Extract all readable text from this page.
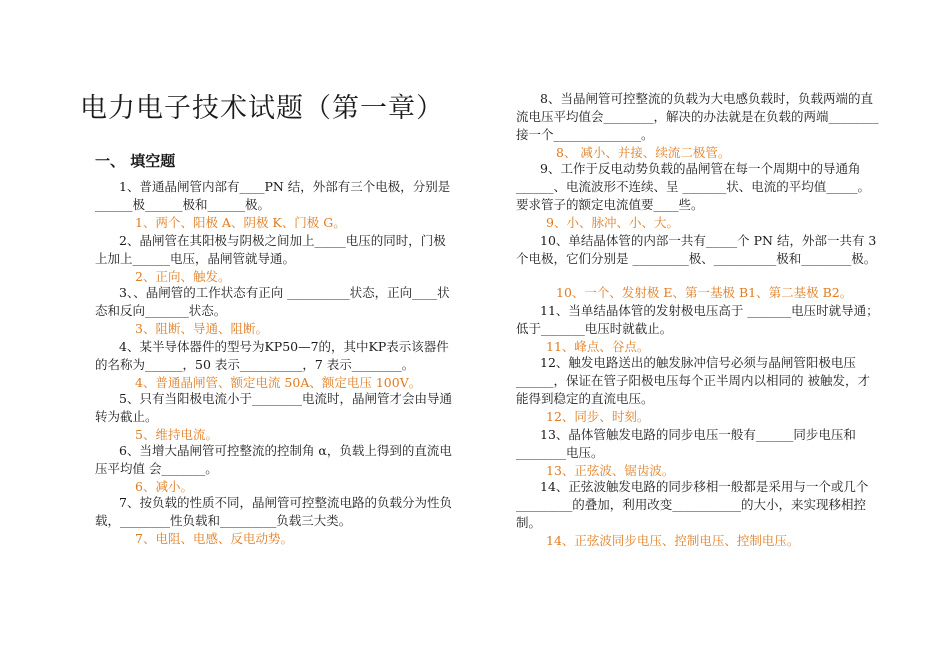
电力电子技术试题（第一章）
一、 填空题
1、普通晶闸管内部有____PN 结，外部有三个电极，分别是______极______极和______极。
1、两个、阳极 A、阴极 K、门极 G。
2、晶闸管在其阳极与阴极之间加上_____电压的同时，门极上加上______电压，晶闸管就导通。
2、正向、触发。
3、、晶闸管的工作状态有正向 __________状态，正向____状态和反向_______状态。
3、阻断、导通、阻断。
4、某半导体器件的型号为KP50—7的，其中KP表示该器件的名称为______，50 表示__________，7 表示________。
4、普通晶闸管、额定电流 50A、额定电压 100V。
5、只有当阳极电流小于________电流时，晶闸管才会由导通转为截止。
5、维持电流。
6、当增大晶闸管可控整流的控制角 α，负载上得到的直流电压平均值 会_______。
6、减小。
7、按负载的性质不同，晶闸管可控整流电路的负载分为性负载，________性负载和_________负载三大类。
7、电阻、电感、反电动势。
8、当晶闸管可控整流的负载为大电感负载时，负载两端的直流电压平均值会________，解决的办法就是在负载的两端________接一个______________。
8、 减小、并接、续流二极管。
9、工作于反电动势负载的晶闸管在每一个周期中的导通角______、电流波形不连续、呈 _______状、电流的平均值_____。要求管子的额定电流值要____些。
9、小、脉冲、小、大。
10、单结晶体管的内部一共有_____个 PN 结，外部一共有 3 个电极，它们分别是 _________极、__________极和________极。
10、一个、发射极 E、第一基极 B1、第二基极 B2。
11、当单结晶体管的发射极电压高于 _______电压时就导通；低于_______电压时就截止。
11、峰点、谷点。
12、触发电路送出的触发脉冲信号必须与晶闸管阳极电压______，保证在管子阳极电压每个正半周内以相同的 被触发，才能得到稳定的直流电压。
12、同步、时刻。
13、晶体管触发电路的同步电压一般有______同步电压和________电压。
13、正弦波、锯齿波。
14、正弦波触发电路的同步移相一般都是采用与一个或几个_________的叠加，利用改变___________的大小，来实现移相控制。
14、正弦波同步电压、控制电压、控制电压。
